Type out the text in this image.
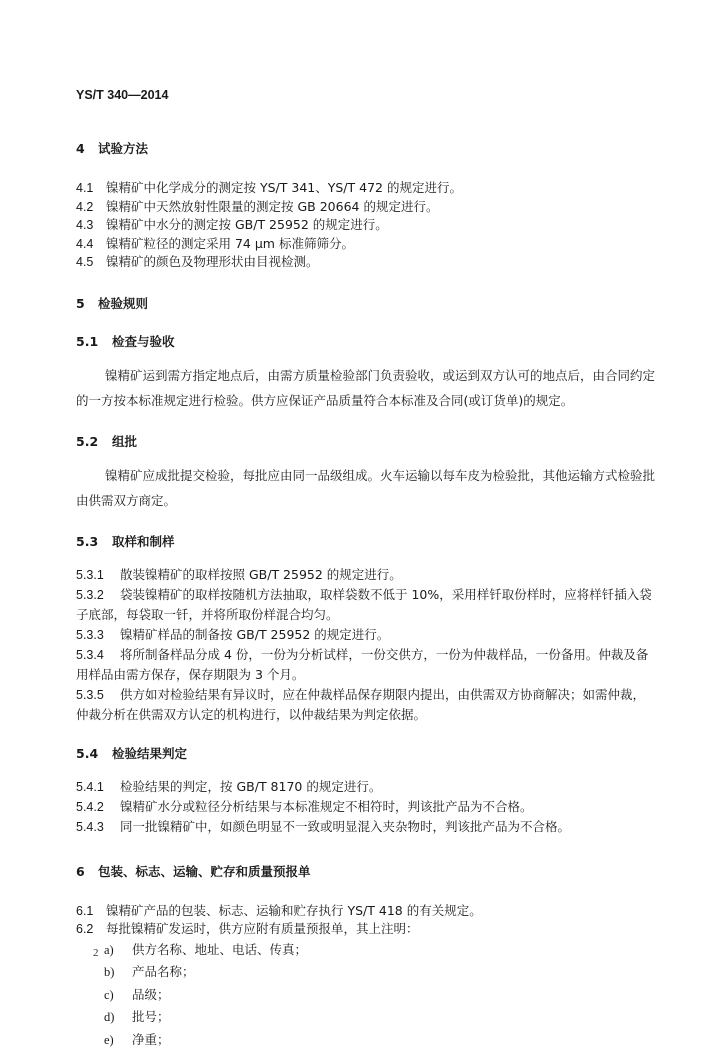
YS/T 340—2014
4	试验方法
4.1	镍精矿中化学成分的测定按 YS/T 341、YS/T 472 的规定进行。
4.2	镍精矿中天然放射性限量的测定按 GB 20664 的规定进行。
4.3	镍精矿中水分的测定按 GB/T 25952 的规定进行。
4.4	镍精矿粒径的测定采用 74 μm 标准筛筛分。
4.5	镍精矿的颜色及物理形状由目视检测。
5	检验规则
5.1	检查与验收

镍精矿运到需方指定地点后，由需方质量检验部门负责验收，或运到双方认可的地点后，由合同约定的一方按本标准规定进行检验。供方应保证产品质量符合本标准及合同(或订货单)的规定。

5.2	组批

镍精矿应成批提交检验，每批应由同一品级组成。火车运输以每车皮为检验批，其他运输方式检验批由供需双方商定。

5.3	取样和制样
5.3.1 散装镍精矿的取样按照 GB/T 25952 的规定进行。
5.3.2 袋装镍精矿的取样按随机方法抽取，取样袋数不低于 10%，采用样钎取份样时，应将样钎插入袋子底部，每袋取一钎，并将所取份样混合均匀。
5.3.3 镍精矿样品的制备按 GB/T 25952 的规定进行。
5.3.4 将所制备样品分成 4 份，一份为分析试样，一份交供方，一份为仲裁样品，一份备用。仲裁及备用样品由需方保存，保存期限为 3 个月。
5.3.5 供方如对检验结果有异议时，应在仲裁样品保存期限内提出，由供需双方协商解决；如需仲裁，仲裁分析在供需双方认定的机构进行，以仲裁结果为判定依据。
5.4	检验结果判定
5.4.1 检验结果的判定，按 GB/T 8170 的规定进行。
5.4.2 镍精矿水分或粒径分析结果与本标准规定不相符时，判该批产品为不合格。
5.4.3 同一批镍精矿中，如颜色明显不一致或明显混入夹杂物时，判该批产品为不合格。
6	包装、标志、运输、贮存和质量预报单
6.1	镍精矿产品的包装、标志、运输和贮存执行 YS/T 418 的有关规定。
6.2	每批镍精矿发运时，供方应附有质量预报单，其上注明：
a)	供方名称、地址、电话、传真；
b)	产品名称；
c)	品级；
d)	批号；
e)	净重；
2
